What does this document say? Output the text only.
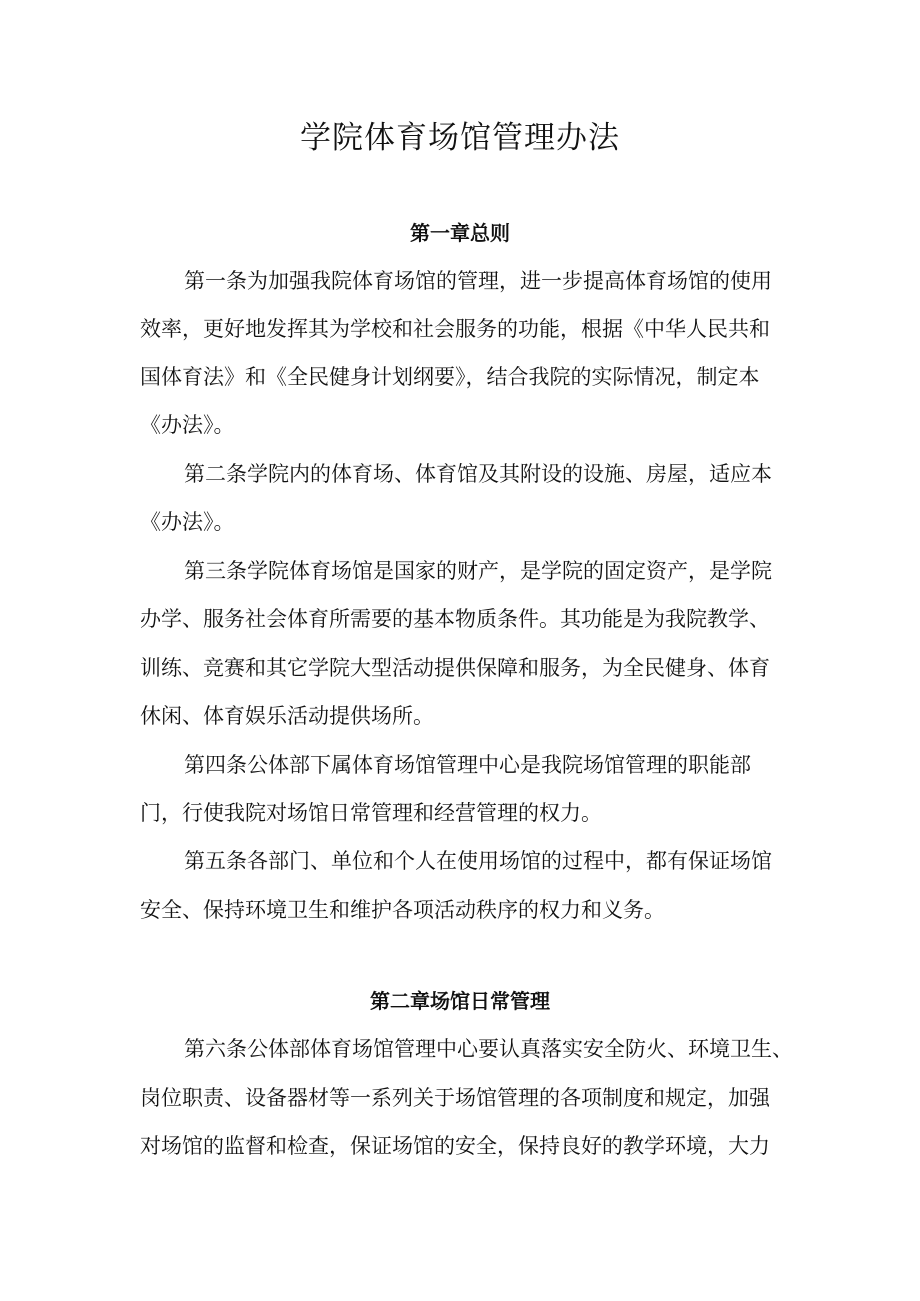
学院体育场馆管理办法
第一章总则

第一条为加强我院体育场馆的管理，进一步提高体育场馆的使用

效率，更好地发挥其为学校和社会服务的功能，根据《中华人民共和

国体育法》和《全民健身计划纲要》，结合我院的实际情况，制定本

《办法》。

第二条学院内的体育场、体育馆及其附设的设施、房屋，适应本

《办法》。

第三条学院体育场馆是国家的财产，是学院的固定资产，是学院

办学、服务社会体育所需要的基本物质条件。其功能是为我院教学、

训练、竞赛和其它学院大型活动提供保障和服务，为全民健身、体育

休闲、体育娱乐活动提供场所。

第四条公体部下属体育场馆管理中心是我院场馆管理的职能部

门，行使我院对场馆日常管理和经营管理的权力。

第五条各部门、单位和个人在使用场馆的过程中，都有保证场馆

安全、保持环境卫生和维护各项活动秩序的权力和义务。

第二章场馆日常管理

第六条公体部体育场馆管理中心要认真落实安全防火、环境卫生、

岗位职责、设备器材等一系列关于场馆管理的各项制度和规定，加强

对场馆的监督和检查，保证场馆的安全，保持良好的教学环境，大力
